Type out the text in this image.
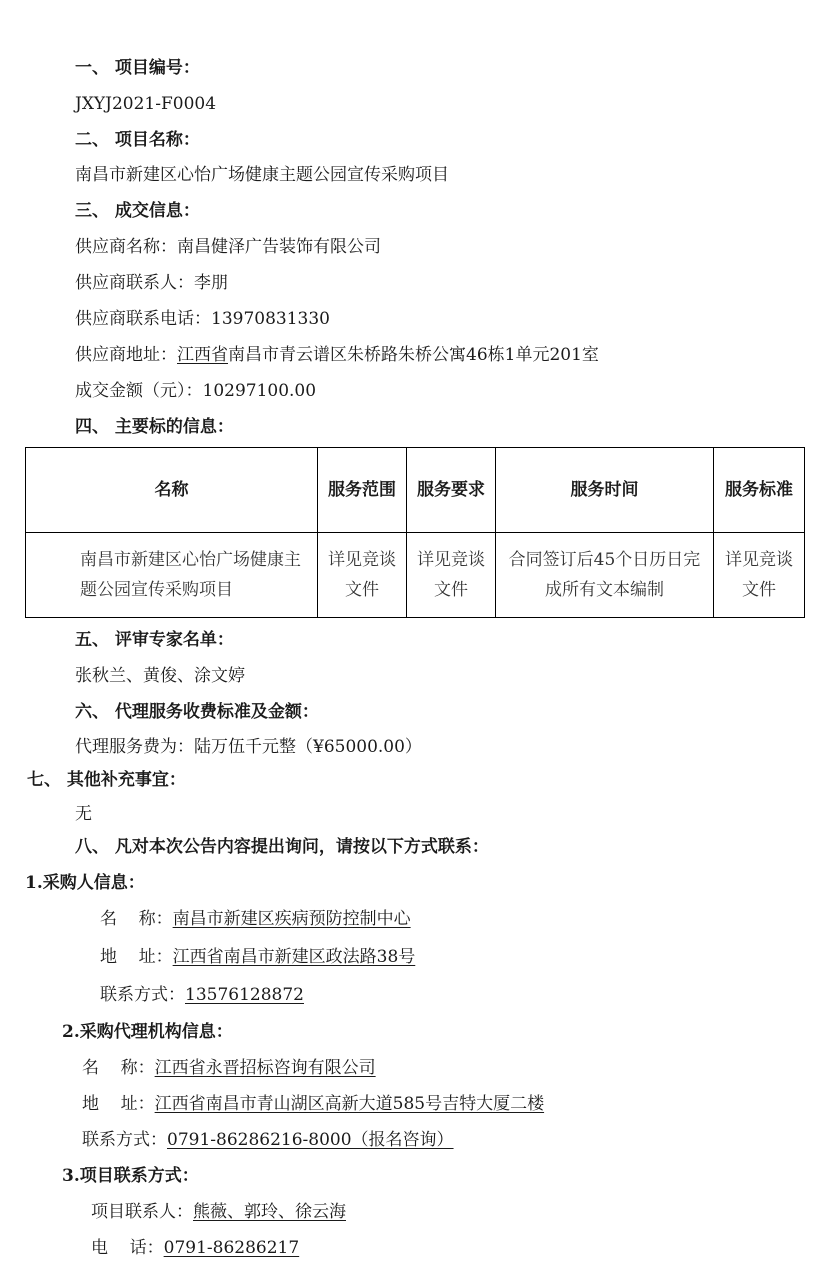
一、 项目编号：
JXYJ2021-F0004
二、 项目名称：
南昌市新建区心怡广场健康主题公园宣传采购项目
三、 成交信息：
供应商名称：南昌健泽广告装饰有限公司
供应商联系人：李朋
供应商联系电话：13970831330
供应商地址：江西省南昌市青云谱区朱桥路朱桥公寓46栋1单元201室
成交金额（元）：10297100.00
四、 主要标的信息：
名称	服务范围	服务要求	服务时间	服务标准
南昌市新建区心怡广场健康主题公园宣传采购项目	详见竞谈文件	详见竞谈文件	合同签订后45个日历日完成所有文本编制	详见竞谈文件
五、 评审专家名单：
张秋兰、黄俊、涂文婷
六、 代理服务收费标准及金额：
代理服务费为：陆万伍千元整（¥65000.00）
七、 其他补充事宜：
无
八、 凡对本次公告内容提出询问，请按以下方式联系：
1.采购人信息：
名    称：南昌市新建区疾病预防控制中心
地    址：江西省南昌市新建区政法路38号
联系方式：13576128872
2.采购代理机构信息：
名    称：江西省永晋招标咨询有限公司
地    址：江西省南昌市青山湖区高新大道585号吉特大厦二楼
联系方式：0791-86286216-8000（报名咨询）
3.项目联系方式：
项目联系人：熊薇、郭玲、徐云海
电    话：0791-86286217
